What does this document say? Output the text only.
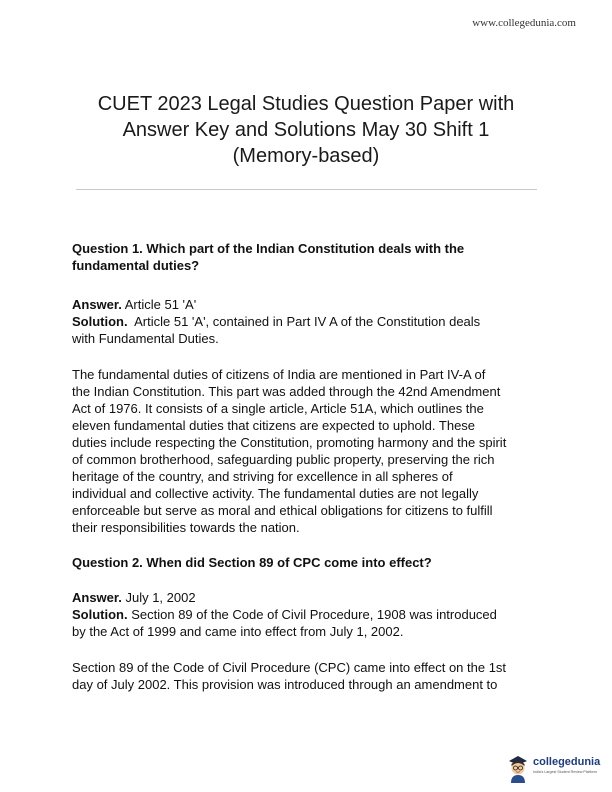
www.collegedunia.com
CUET 2023 Legal Studies Question Paper with
Answer Key and Solutions May 30 Shift 1
(Memory-based)
Question 1. Which part of the Indian Constitution deals with the
fundamental duties?
Answer. Article 51 'A'
Solution.  Article 51 'A', contained in Part IV A of the Constitution deals
with Fundamental Duties.
The fundamental duties of citizens of India are mentioned in Part IV-A of
the Indian Constitution. This part was added through the 42nd Amendment
Act of 1976. It consists of a single article, Article 51A, which outlines the
eleven fundamental duties that citizens are expected to uphold. These
duties include respecting the Constitution, promoting harmony and the spirit
of common brotherhood, safeguarding public property, preserving the rich
heritage of the country, and striving for excellence in all spheres of
individual and collective activity. The fundamental duties are not legally
enforceable but serve as moral and ethical obligations for citizens to fulfill
their responsibilities towards the nation.
Question 2. When did Section 89 of CPC come into effect?
Answer. July 1, 2002
Solution. Section 89 of the Code of Civil Procedure, 1908 was introduced
by the Act of 1999 and came into effect from July 1, 2002.
Section 89 of the Code of Civil Procedure (CPC) came into effect on the 1st
day of July 2002. This provision was introduced through an amendment to
collegedunia
India's Largest Student Review Platform
